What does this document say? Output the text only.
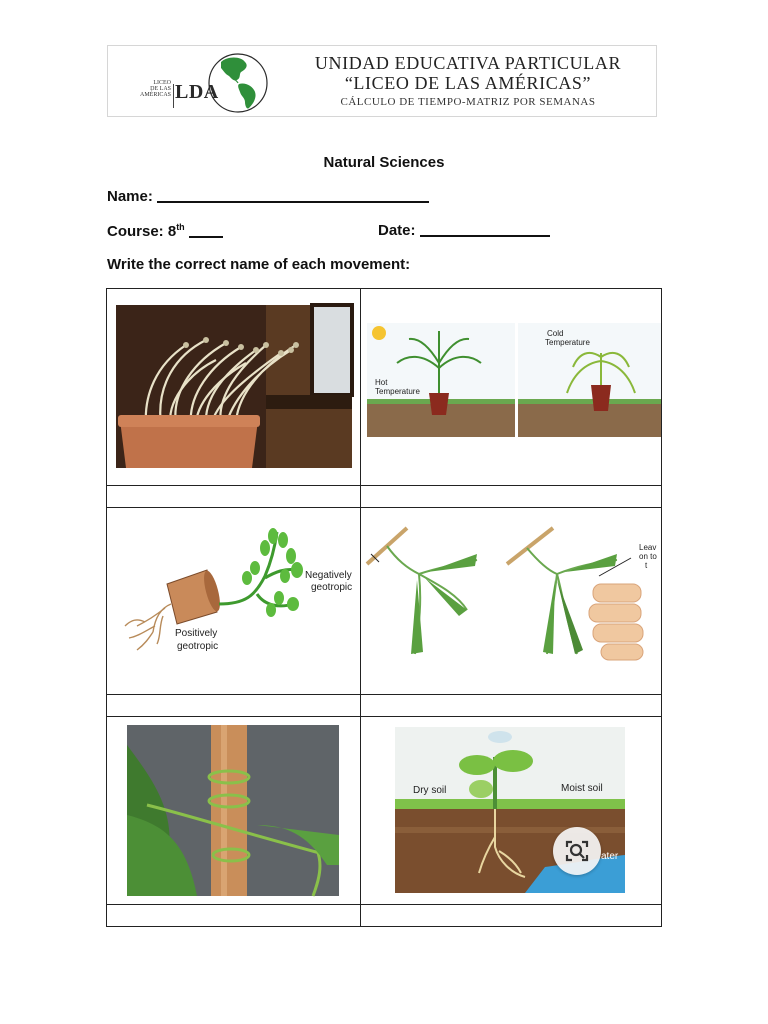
LICEO
DE LAS
AMÉRICAS LDA
UNIDAD EDUCATIVA PARTICULAR
“LICEO DE LAS AMÉRICAS”
CÁLCULO DE TIEMPO-MATRIZ POR SEMANAS
Natural Sciences
Name:
Course: 8th	Date:
Write the correct name of each movement:

Hot
Temperature
Cold
Temperature

Negatively
geotropic
Positively
geotropic	Leav
on to
t

Dry soil Moist soil
ater
